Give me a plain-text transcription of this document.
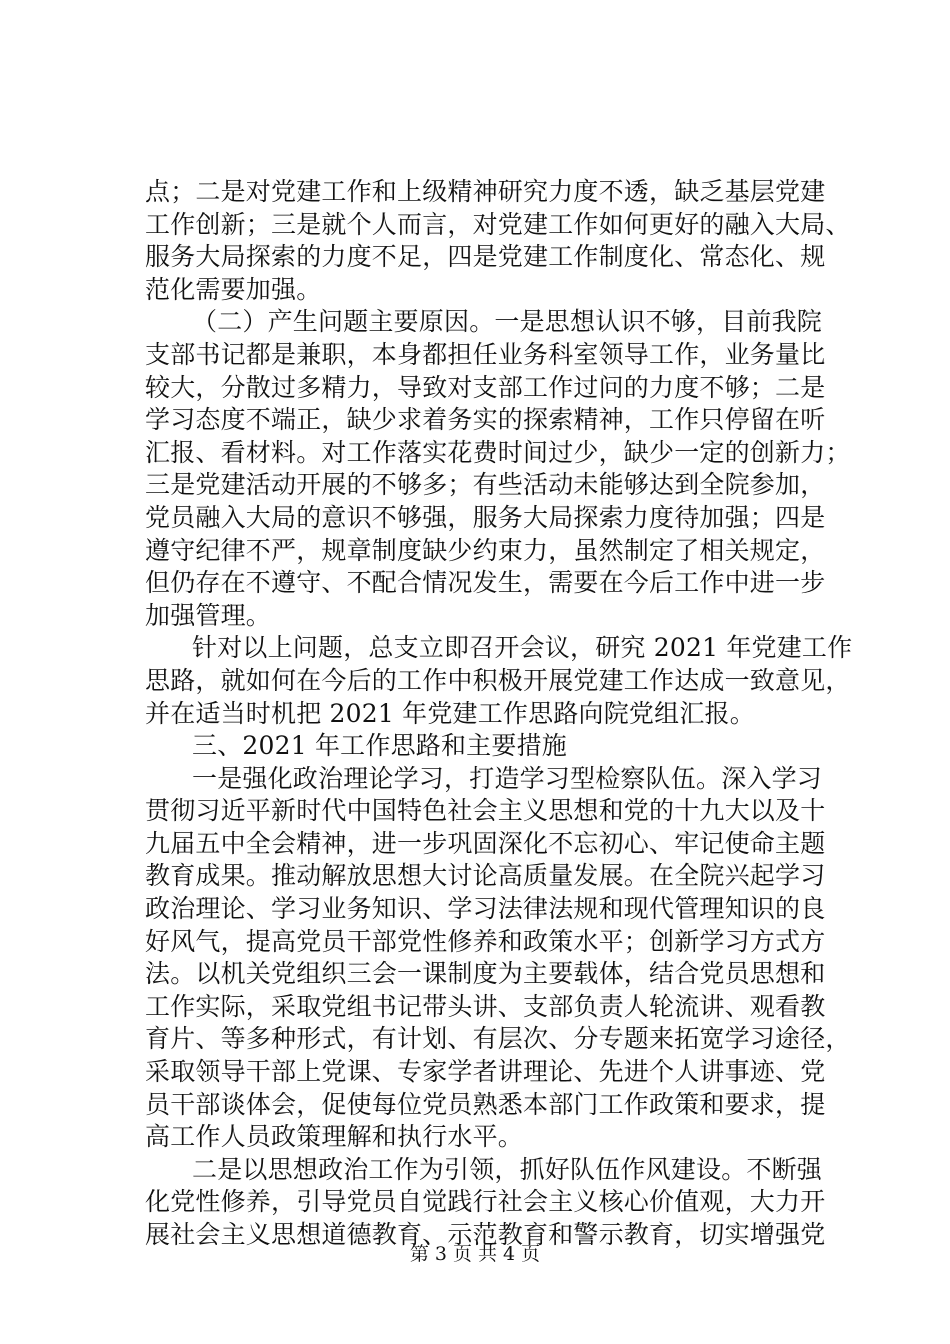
点；二是对党建工作和上级精神研究力度不透，缺乏基层党建
工作创新；三是就个人而言，对党建工作如何更好的融入大局、
服务大局探索的力度不足，四是党建工作制度化、常态化、规
范化需要加强。
（二）产生问题主要原因。一是思想认识不够，目前我院
支部书记都是兼职，本身都担任业务科室领导工作，业务量比
较大，分散过多精力，导致对支部工作过问的力度不够；二是
学习态度不端正，缺少求着务实的探索精神，工作只停留在听
汇报、看材料。对工作落实花费时间过少，缺少一定的创新力；
三是党建活动开展的不够多；有些活动未能够达到全院参加，
党员融入大局的意识不够强，服务大局探索力度待加强；四是
遵守纪律不严，规章制度缺少约束力，虽然制定了相关规定，
但仍存在不遵守、不配合情况发生，需要在今后工作中进一步
加强管理。
针对以上问题，总支立即召开会议，研究 2021 年党建工作
思路，就如何在今后的工作中积极开展党建工作达成一致意见，
并在适当时机把 2021 年党建工作思路向院党组汇报。
三、2021 年工作思路和主要措施
一是强化政治理论学习，打造学习型检察队伍。深入学习
贯彻习近平新时代中国特色社会主义思想和党的十九大以及十
九届五中全会精神，进一步巩固深化不忘初心、牢记使命主题
教育成果。推动解放思想大讨论高质量发展。在全院兴起学习
政治理论、学习业务知识、学习法律法规和现代管理知识的良
好风气，提高党员干部党性修养和政策水平；创新学习方式方
法。以机关党组织三会一课制度为主要载体，结合党员思想和
工作实际，采取党组书记带头讲、支部负责人轮流讲、观看教
育片、等多种形式，有计划、有层次、分专题来拓宽学习途径，
采取领导干部上党课、专家学者讲理论、先进个人讲事迹、党
员干部谈体会，促使每位党员熟悉本部门工作政策和要求，提
高工作人员政策理解和执行水平。
二是以思想政治工作为引领，抓好队伍作风建设。不断强
化党性修养，引导党员自觉践行社会主义核心价值观，大力开
展社会主义思想道德教育、示范教育和警示教育，切实增强党
第 3 页 共 4 页
